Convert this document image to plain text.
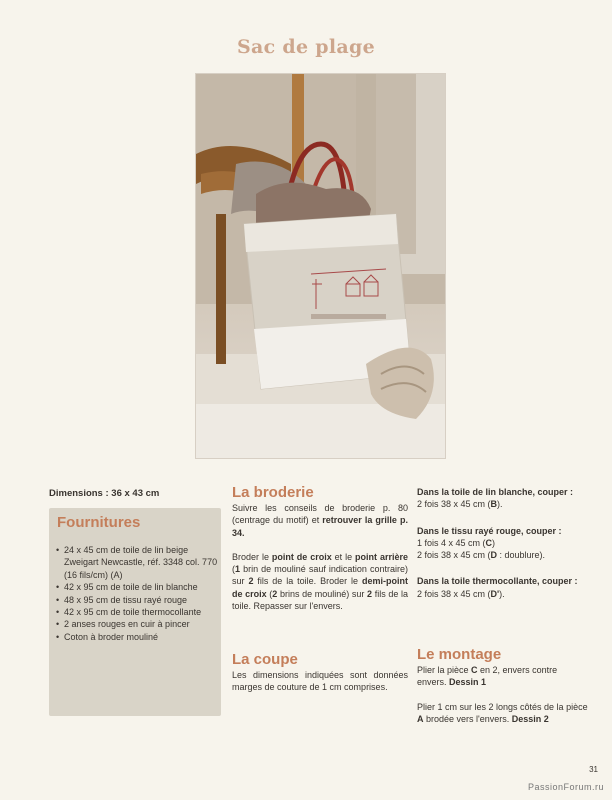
Sac de plage
Dimensions : 36 x 43 cm
Fournitures
• 24 x 45 cm de toile de lin beige Zweigart Newcastle, réf. 3348 col. 770 (16 fils/cm) (A)
• 42 x 95 cm de toile de lin blanche
• 48 x 95 cm de tissu rayé rouge
• 42 x 95 cm de toile thermocollante
• 2 anses rouges en cuir à pincer
• Coton à broder mouliné
La broderie

Suivre les conseils de broderie p. 80 (centrage du motif) et retrouver la grille p. 34.

Broder le point de croix et le point arrière (1 brin de mouliné sauf indication contraire) sur 2 fils de la toile. Broder le demi-point de croix (2 brins de mouliné) sur 2 fils de la toile. Repasser sur l'envers.

La coupe

Les dimensions indiquées sont données marges de couture de 1 cm comprises.

Dans la toile de lin blanche, couper :

2 fois 38 x 45 cm (B).

Dans le tissu rayé rouge, couper :

1 fois 4 x 45 cm (C)

2 fois 38 x 45 cm (D : doublure).

Dans la toile thermocollante, couper :

2 fois 38 x 45 cm (D').

Le montage

Plier la pièce C en 2, envers contre envers. Dessin 1

Plier 1 cm sur les 2 longs côtés de la pièce A brodée vers l'envers. Dessin 2

31
PassionForum.ru
